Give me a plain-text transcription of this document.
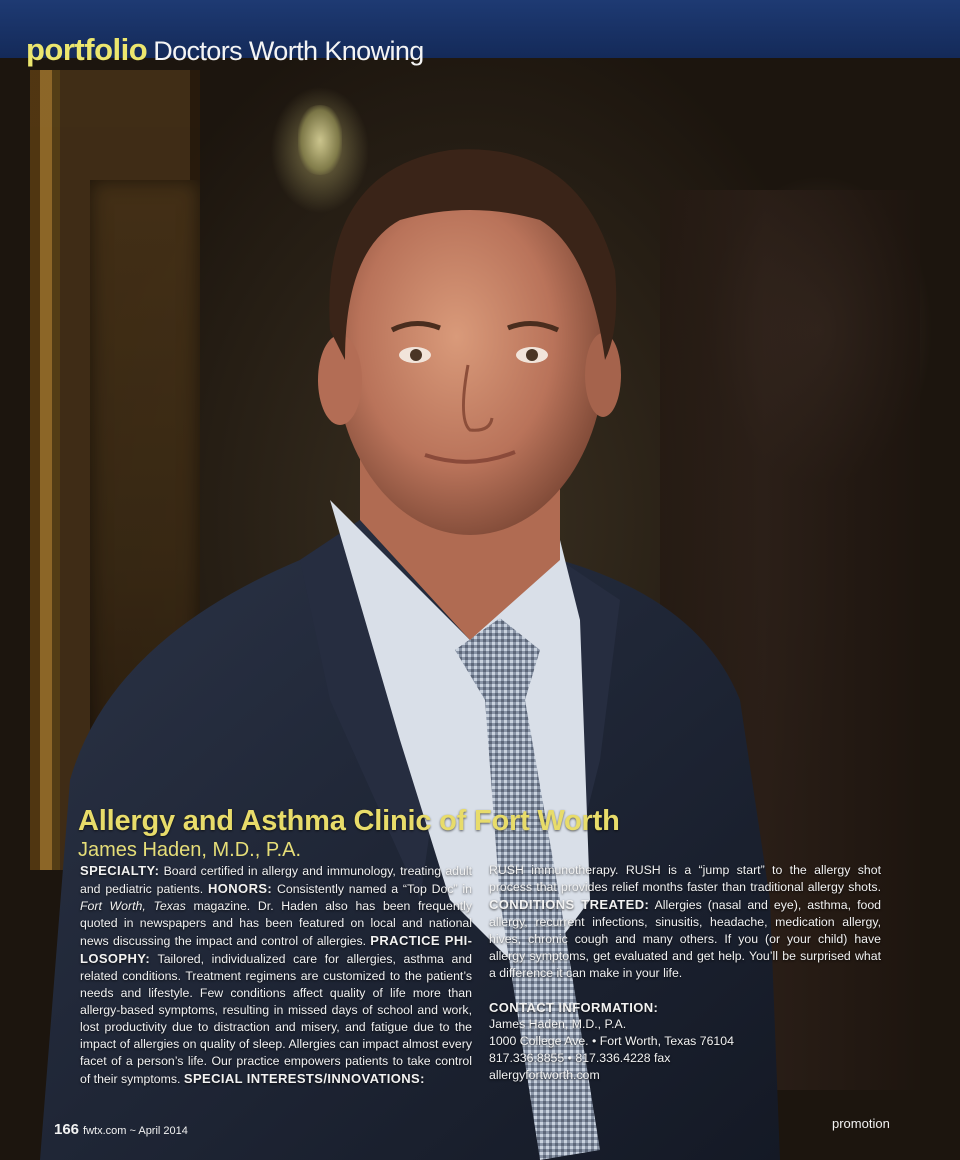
portfolio Doctors Worth Knowing
Allergy and Asthma Clinic of Fort Worth

James Haden, M.D., P.A.

SPECIALTY: Board certified in allergy and immunology, treating adult and pediatric patients. HONORS: Consistently named a “Top Doc” in Fort Worth, Texas magazine. Dr. Haden also has been frequently quoted in newspapers and has been featured on local and national news discussing the impact and control of allergies. PRACTICE PHILOSOPHY: Tailored, individualized care for allergies, asthma and related conditions. Treatment regimens are customized to the patient’s needs and lifestyle. Few conditions affect quality of life more than allergy-based symptoms, resulting in missed days of school and work, lost productivity due to distraction and misery, and fatigue due to the impact of allergies on quality of sleep. Allergies can impact almost every facet of a person’s life. Our practice empowers patients to take control of their symptoms. SPECIAL INTERESTS/INNOVATIONS:
RUSH immunotherapy. RUSH is a “jump start” to the allergy shot process that provides relief months faster than traditional allergy shots. CONDITIONS TREATED: Allergies (nasal and eye), asthma, food allergy, recurrent infections, sinusitis, headache, medication allergy, hives, chronic cough and many others. If you (or your child) have allergy symptoms, get evaluated and get help. You’ll be surprised what a difference it can make in your life.
CONTACT INFORMATION:
James Haden, M.D., P.A.
1000 College Ave. • Fort Worth, Texas 76104
817.336.8855 • 817.336.4228 fax
allergyfortworth.com
166 fwtx.com ~ April 2014	promotion
